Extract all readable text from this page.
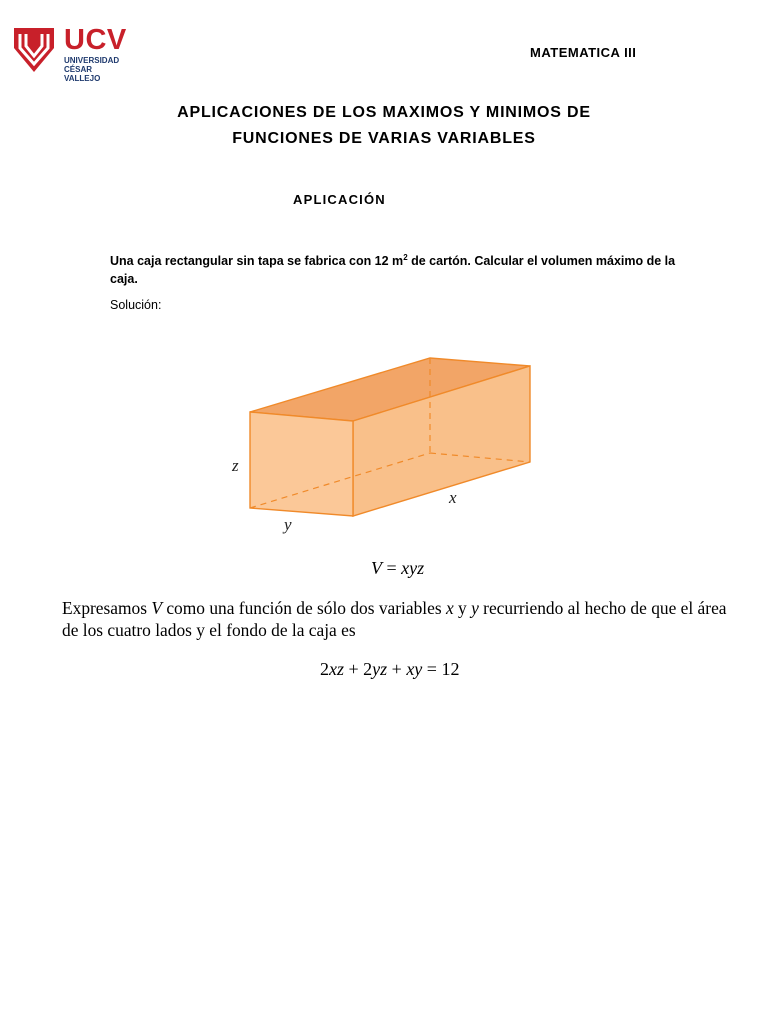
UCV
UNIVERSIDAD
CÉSAR VALLEJO
MATEMATICA III
APLICACIONES DE LOS MAXIMOS Y MINIMOS DE
FUNCIONES DE VARIAS VARIABLES
APLICACIÓN
Una caja rectangular sin tapa se fabrica con 12 $m^2$ de cartón. Calcular el volumen máximo de la caja.
Solución:
z
y
x
V = xyz
Expresamos V como una función de sólo dos variables x y y recurriendo al hecho de que el área de los cuatro lados y el fondo de la caja es
2xz + 2yz + xy = 12
